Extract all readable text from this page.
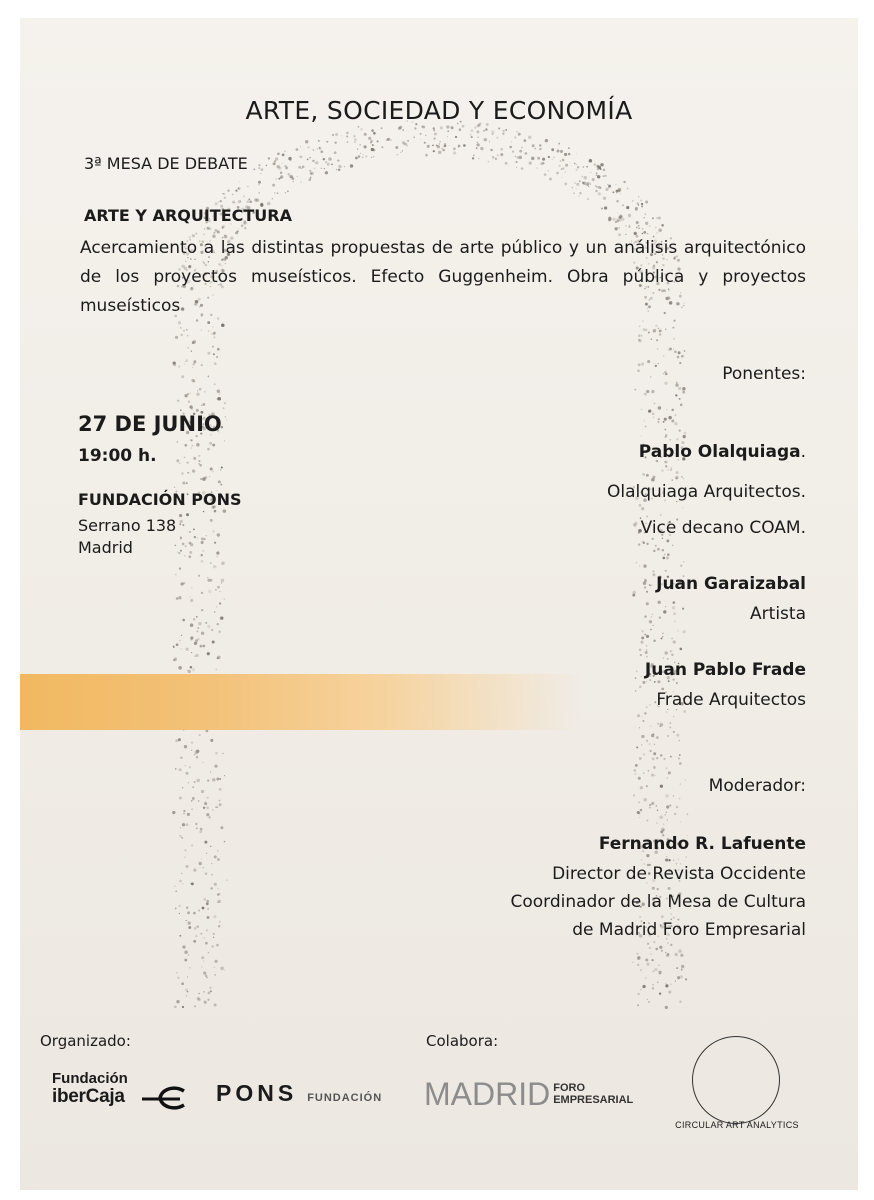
ARTE, SOCIEDAD Y ECONOMÍA
3ª MESA DE DEBATE
ARTE Y ARQUITECTURA

Acercamiento a las distintas propuestas de arte público y un análisis arquitectónico de los proyectos museísticos. Efecto Guggenheim. Obra pública y proyectos museísticos

Ponentes:
27 DE JUNIO
19:00 h.
FUNDACIÓN PONS
Serrano 138
Madrid
Pablo Olalquiaga.
Olalquiaga Arquitectos.
Vice decano COAM.
Juan Garaizabal
Artista
Juan Pablo Frade
Frade Arquitectos
Moderador:
Fernando R. Lafuente
Director de Revista Occidente
Coordinador de la Mesa de Cultura
de Madrid Foro Empresarial
Organizado:	Colabora:
Fundación
iberCaja	PONS FUNDACIÓN MADRID FORO
EMPRESARIAL
CIRCULAR ART ANALYTICS
